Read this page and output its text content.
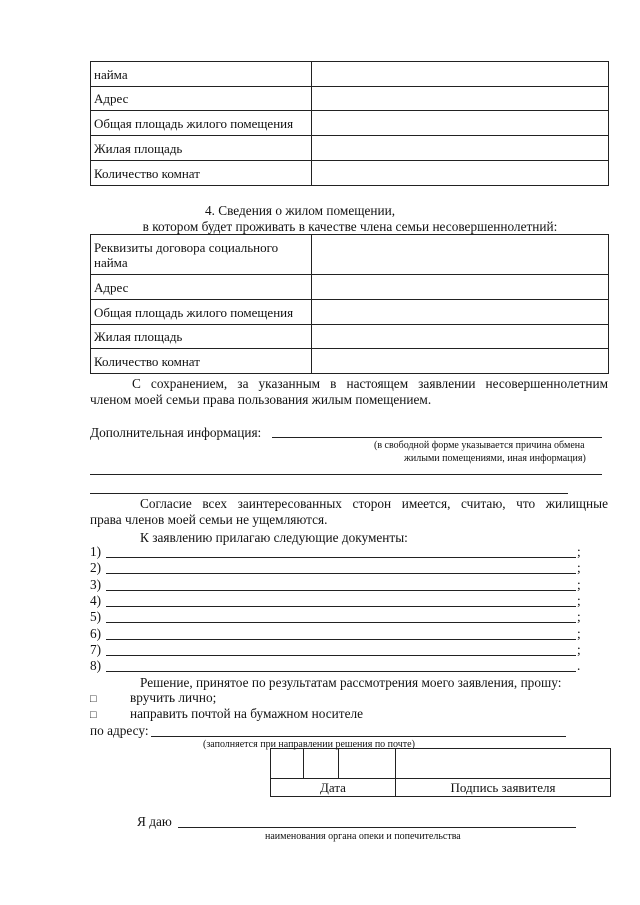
найма	
Адрес	
Общая площадь жилого помещения	
Жилая площадь	
Количество комнат	
4. Сведения о жилом помещении,
в котором будет проживать в качестве члена семьи несовершеннолетний:
Реквизиты договора социального
найма	
Адрес	
Общая площадь жилого помещения	
Жилая площадь	
Количество комнат	
С сохранением, за указанным в настоящем заявлении несовершеннолетним
членом моей семьи права пользования жилым помещением.
Дополнительная информация:
(в свободной форме указывается причина обмена
жилыми помещениями, иная информация)
Согласие всех заинтересованных сторон имеется, считаю, что жилищные
права членов моей семьи не ущемляются.
К заявлению прилагаю следующие документы:
1)	;
2)	;
3)	;
4)	;
5)	;
6)	;
7)	;
8)	.
Решение, принятое по результатам рассмотрения моего заявления, прошу:
□	вручить лично;
□	направить почтой на бумажном носителе
по адресу:
(заполняется при направлении решения по почте)

Дата			Подпись заявителя
Я даю
наименования органа опеки и попечительства
